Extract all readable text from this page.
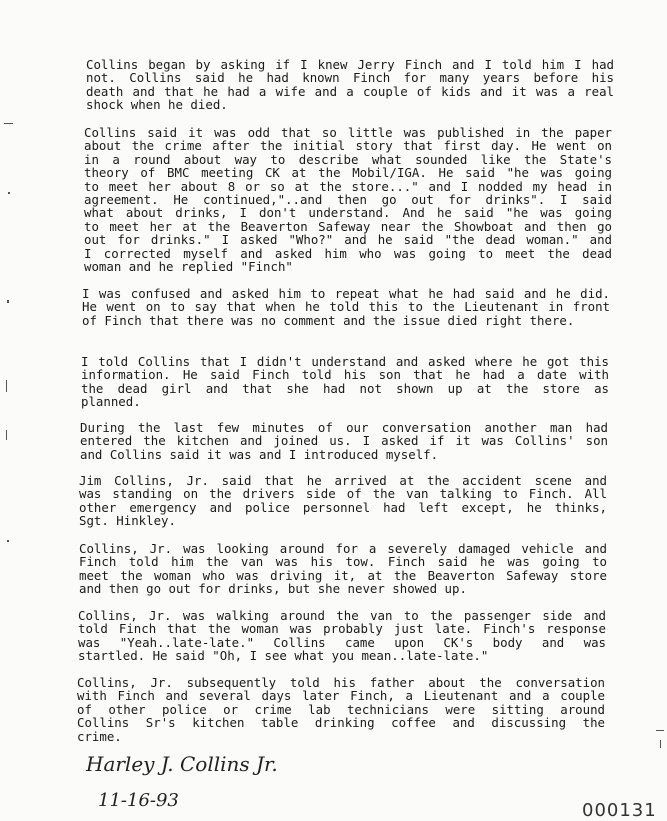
Collins began by asking if I knew Jerry Finch and I told him I had
not. Collins said he had known Finch for many years before his
death and that he had a wife and a couple of kids and it was a real
shock when he died.

Collins said it was odd that so little was published in the paper
about the crime after the initial story that first day. He went on
in a round about way to describe what sounded like the State's
theory of BMC meeting CK at the Mobil/IGA. He said "he was going
to meet her about 8 or so at the store..." and I nodded my head in
agreement. He continued,"..and then go out for drinks". I said
what about drinks, I don't understand. And he said "he was going
to meet her at the Beaverton Safeway near the Showboat and then go
out for drinks." I asked "Who?" and he said "the dead woman." and
I corrected myself and asked him who was going to meet the dead
woman and he replied "Finch"

I was confused and asked him to repeat what he had said and he did.
He went on to say that when he told this to the Lieutenant in front
of Finch that there was no comment and the issue died right there.

I told Collins that I didn't understand and asked where he got this
information. He said Finch told his son that he had a date with
the dead girl and that she had not shown up at the store as
planned.

During the last few minutes of our conversation another man had
entered the kitchen and joined us. I asked if it was Collins' son
and Collins said it was and I introduced myself.

Jim Collins, Jr. said that he arrived at the accident scene and
was standing on the drivers side of the van talking to Finch. All
other emergency and police personnel had left except, he thinks,
Sgt. Hinkley.

Collins, Jr. was looking around for a severely damaged vehicle and
Finch told him the van was his tow. Finch said he was going to
meet the woman who was driving it, at the Beaverton Safeway store
and then go out for drinks, but she never showed up.

Collins, Jr. was walking around the van to the passenger side and
told Finch that the woman was probably just late. Finch's response
was "Yeah..late-late." Collins came upon CK's body and was
startled. He said "Oh, I see what you mean..late-late."

Collins, Jr. subsequently told his father about the conversation
with Finch and several days later Finch, a Lieutenant and a couple
of other police or crime lab technicians were sitting around
Collins Sr's kitchen table drinking coffee and discussing the
crime.

Harley J. Collins Jr.
11-16-93	000131
